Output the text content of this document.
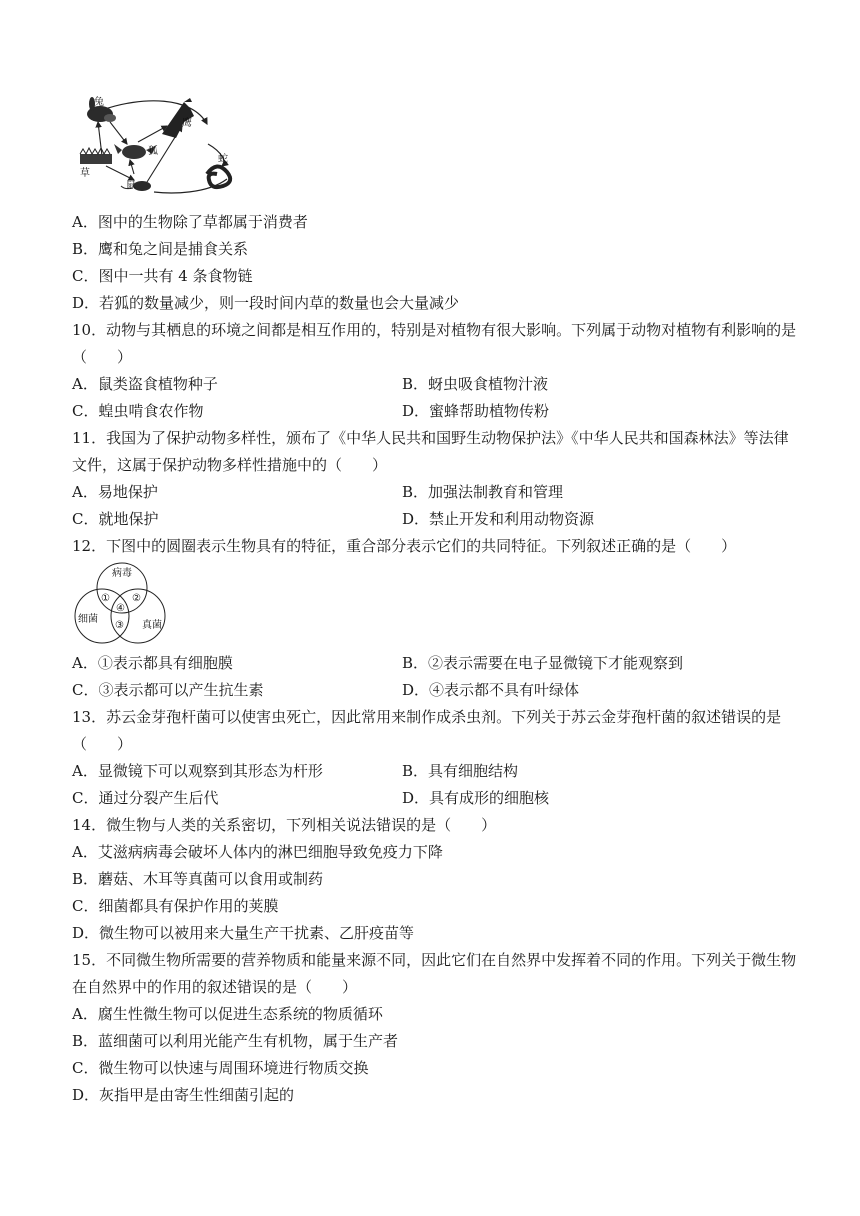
兔
草
狐
鼠
鹰
蛇
A．图中的生物除了草都属于消费者
B．鹰和兔之间是捕食关系
C．图中一共有 4 条食物链
D．若狐的数量减少，则一段时间内草的数量也会大量减少
10．动物与其栖息的环境之间都是相互作用的，特别是对植物有很大影响。下列属于动物对植物有利影响的是
（　　）
A．鼠类盗食植物种子	B．蚜虫吸食植物汁液
C．蝗虫啃食农作物	D．蜜蜂帮助植物传粉
11．我国为了保护动物多样性，颁布了《中华人民共和国野生动物保护法》《中华人民共和国森林法》等法律
文件，这属于保护动物多样性措施中的（　　）
A．易地保护	B．加强法制教育和管理
C．就地保护	D．禁止开发和利用动物资源
12．下图中的圆圈表示生物具有的特征，重合部分表示它们的共同特征。下列叙述正确的是（　　）
病毒
细菌
真菌
① ②
④
③
A．①表示都具有细胞膜	B．②表示需要在电子显微镜下才能观察到
C．③表示都可以产生抗生素	D．④表示都不具有叶绿体
13．苏云金芽孢杆菌可以使害虫死亡，因此常用来制作成杀虫剂。下列关于苏云金芽孢杆菌的叙述错误的是
（　　）
A．显微镜下可以观察到其形态为杆形	B．具有细胞结构
C．通过分裂产生后代	D．具有成形的细胞核
14．微生物与人类的关系密切，下列相关说法错误的是（　　）
A．艾滋病病毒会破坏人体内的淋巴细胞导致免疫力下降
B．蘑菇、木耳等真菌可以食用或制药
C．细菌都具有保护作用的荚膜
D．微生物可以被用来大量生产干扰素、乙肝疫苗等
15．不同微生物所需要的营养物质和能量来源不同，因此它们在自然界中发挥着不同的作用。下列关于微生物
在自然界中的作用的叙述错误的是（　　）
A．腐生性微生物可以促进生态系统的物质循环
B．蓝细菌可以利用光能产生有机物，属于生产者
C．微生物可以快速与周围环境进行物质交换
D．灰指甲是由寄生性细菌引起的
